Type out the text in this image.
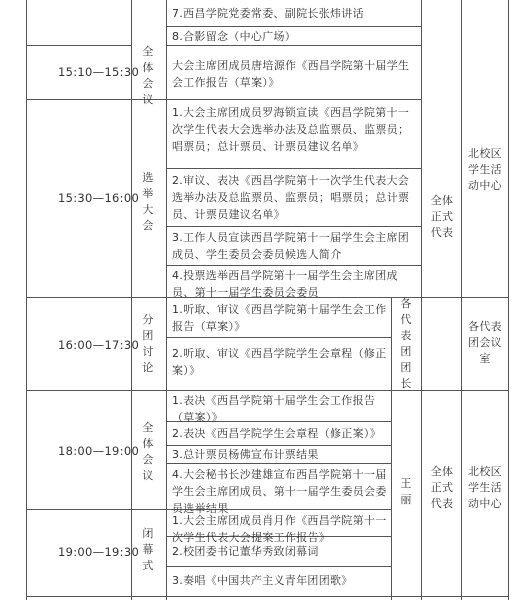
7.西昌学院党委常委、副院长张炜讲话
8.合影留念（中心广场）
15:10—15:30
全
体
会
议
大会主席团成员唐培源作《西昌学院第十届学生会工作报告（草案）》
15:30—16:00
选
举
大
会
1.大会主席团成员罗海锁宣读《西昌学院第十一次学生代表大会选举办法及总监票员、监票员；唱票员；总计票员、计票员建议名单》
2.审议、表决《西昌学院第十一次学生代表大会选举办法及总监票员、监票员；唱票员；总计票员、计票员建议名单》
3.工作人员宣读西昌学院第十一届学生会主席团成员、学生委员会委员候选人简介
4.投票选举西昌学院第十一届学生会主席团成员、第十一届学生委员会委员
全体
正式
代表
北校区
学生活
动中心
16:00—17:30
分
团
讨
论
1.听取、审议《西昌学院第十届学生会工作报告（草案）》
2.听取、审议《西昌学院学生会章程（修正案）》
各
代
表
团
团
长
各代表团会议室
18:00—19:00
全
体
会
议
1.表决《西昌学院第十届学生会工作报告（草案）》
2.表决《西昌学院学生会章程（修正案）》
3.总计票员杨佛宣布计票结果
4.大会秘书长沙建雄宣布西昌学院第十一届学生会主席团成员、第十一届学生委员会委员选举结果
王
丽
全体
正式
代表
北校区
学生活
动中心
19:00—19:30
闭
幕
式
1.大会主席团成员肖月作《西昌学院第十一次学生代表大会提案工作报告》
2.校团委书记董华秀致闭幕词
3.奏唱《中国共产主义青年团团歌》
